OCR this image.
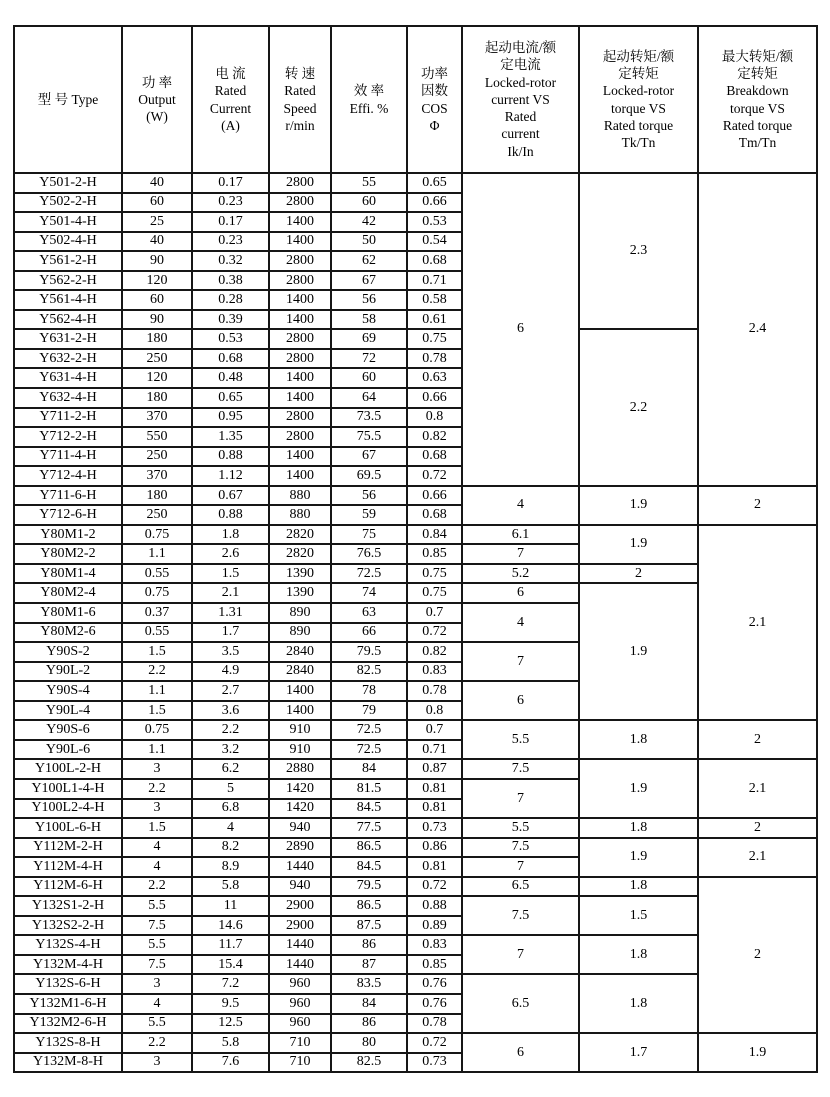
型 号 Type

功 率
Output
(W)

电 流
Rated
Current
(A)

转 速
Rated
Speed
r/min

效 率
Effi. %

功率
因数
COS
Φ

起动电流/额
定电流
Locked-rotor
current VS
Rated
current
Ik/In

起动转矩/额
定转矩
Locked-rotor
torque VS
Rated torque
Tk/Tn

最大转矩/额
定转矩
Breakdown
torque VS
Rated torque
Tm/Tn

Y501-2-H	40	0.17	2800	55	0.65	6	2.3	2.4
Y502-2-H	60	0.23	2800	60	0.66			
Y501-4-H	25	0.17	1400	42	0.53			
Y502-4-H	40	0.23	1400	50	0.54			
Y561-2-H	90	0.32	2800	62	0.68			
Y562-2-H	120	0.38	2800	67	0.71			
Y561-4-H	60	0.28	1400	56	0.58			
Y562-4-H	90	0.39	1400	58	0.61			
Y631-2-H	180	0.53	2800	69	0.75		2.2	
Y632-2-H	250	0.68	2800	72	0.78			
Y631-4-H	120	0.48	1400	60	0.63			
Y632-4-H	180	0.65	1400	64	0.66			
Y711-2-H	370	0.95	2800	73.5	0.8			
Y712-2-H	550	1.35	2800	75.5	0.82			
Y711-4-H	250	0.88	1400	67	0.68			
Y712-4-H	370	1.12	1400	69.5	0.72			
Y711-6-H	180	0.67	880	56	0.66	4	1.9	2
Y712-6-H	250	0.88	880	59	0.68			
Y80M1-2	0.75	1.8	2820	75	0.84	6.1	1.9	2.1
Y80M2-2	1.1	2.6	2820	76.5	0.85	7		
Y80M1-4	0.55	1.5	1390	72.5	0.75	5.2	2	
Y80M2-4	0.75	2.1	1390	74	0.75	6	1.9	
Y80M1-6	0.37	1.31	890	63	0.7	4		
Y80M2-6	0.55	1.7	890	66	0.72			
Y90S-2	1.5	3.5	2840	79.5	0.82	7		
Y90L-2	2.2	4.9	2840	82.5	0.83			
Y90S-4	1.1	2.7	1400	78	0.78	6		
Y90L-4	1.5	3.6	1400	79	0.8			
Y90S-6	0.75	2.2	910	72.5	0.7	5.5	1.8	2
Y90L-6	1.1	3.2	910	72.5	0.71			
Y100L-2-H	3	6.2	2880	84	0.87	7.5	1.9	2.1
Y100L1-4-H	2.2	5	1420	81.5	0.81	7		
Y100L2-4-H	3	6.8	1420	84.5	0.81			
Y100L-6-H	1.5	4	940	77.5	0.73	5.5	1.8	2
Y112M-2-H	4	8.2	2890	86.5	0.86	7.5	1.9	2.1
Y112M-4-H	4	8.9	1440	84.5	0.81	7		
Y112M-6-H	2.2	5.8	940	79.5	0.72	6.5	1.8	2
Y132S1-2-H	5.5	11	2900	86.5	0.88	7.5	1.5	
Y132S2-2-H	7.5	14.6	2900	87.5	0.89			
Y132S-4-H	5.5	11.7	1440	86	0.83	7	1.8	
Y132M-4-H	7.5	15.4	1440	87	0.85			
Y132S-6-H	3	7.2	960	83.5	0.76	6.5	1.8	
Y132M1-6-H	4	9.5	960	84	0.76			
Y132M2-6-H	5.5	12.5	960	86	0.78			
Y132S-8-H	2.2	5.8	710	80	0.72	6	1.7	1.9
Y132M-8-H	3	7.6	710	82.5	0.73			
